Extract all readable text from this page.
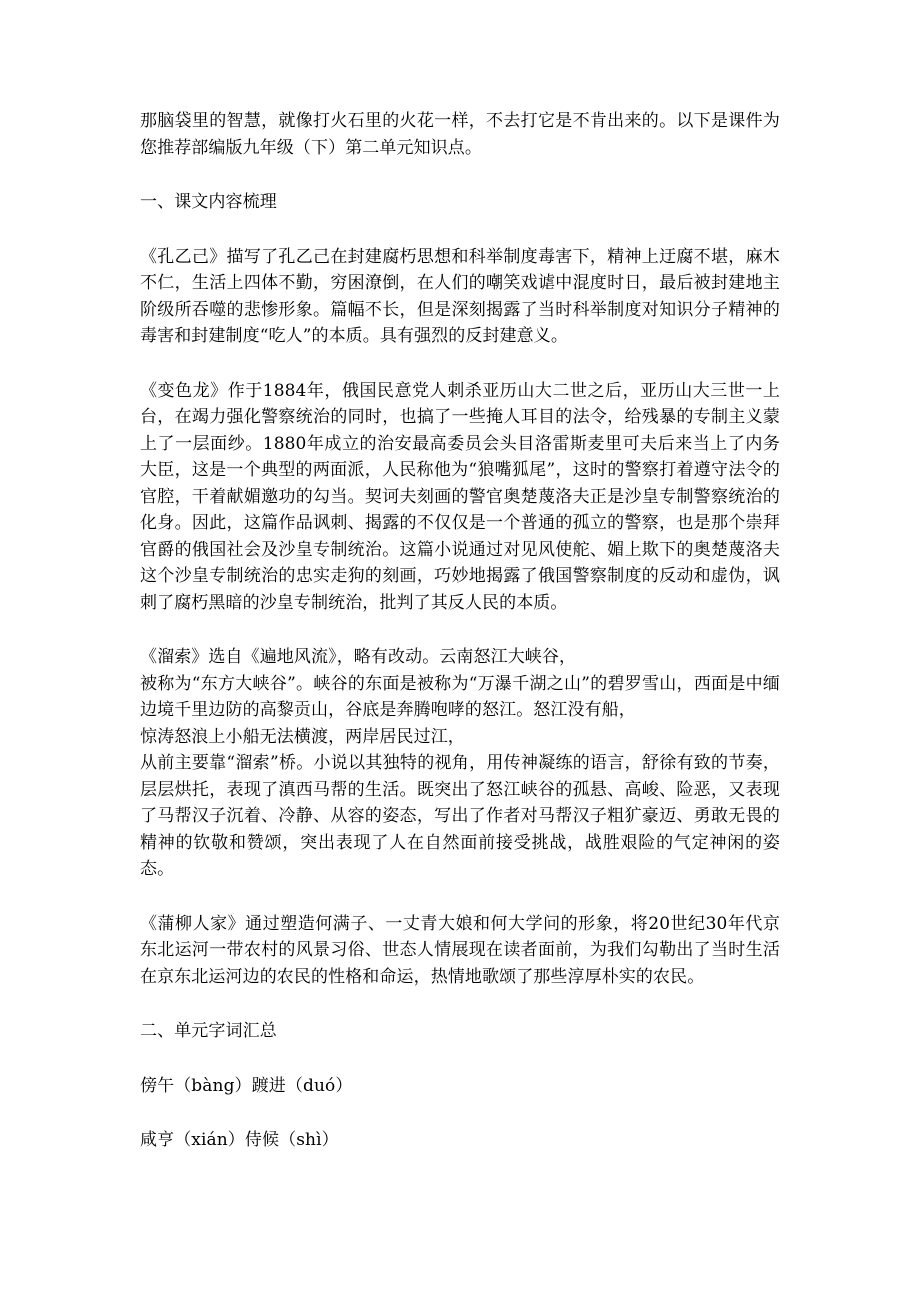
那脑袋里的智慧，就像打火石里的火花一样，不去打它是不肯出来的。以下是课件为您推荐部编版九年级（下）第二单元知识点。

一、课文内容梳理

《孔乙己》描写了孔乙己在封建腐朽思想和科举制度毒害下，精神上迂腐不堪，麻木不仁，生活上四体不勤，穷困潦倒，在人们的嘲笑戏谑中混度时日，最后被封建地主阶级所吞噬的悲惨形象。篇幅不长，但是深刻揭露了当时科举制度对知识分子精神的毒害和封建制度“吃人”的本质。具有强烈的反封建意义。

《变色龙》作于1884年，俄国民意党人刺杀亚历山大二世之后，亚历山大三世一上台，在竭力强化警察统治的同时，也搞了一些掩人耳目的法令，给残暴的专制主义蒙上了一层面纱。1880年成立的治安最高委员会头目洛雷斯麦里可夫后来当上了内务大臣，这是一个典型的两面派，人民称他为“狼嘴狐尾”，这时的警察打着遵守法令的官腔，干着献媚邀功的勾当。契诃夫刻画的警官奥楚蔑洛夫正是沙皇专制警察统治的化身。因此，这篇作品讽刺、揭露的不仅仅是一个普通的孤立的警察，也是那个崇拜官爵的俄国社会及沙皇专制统治。这篇小说通过对见风使舵、媚上欺下的奥楚蔑洛夫这个沙皇专制统治的忠实走狗的刻画，巧妙地揭露了俄国警察制度的反动和虚伪，讽刺了腐朽黑暗的沙皇专制统治，批判了其反人民的本质。

《溜索》选自《遍地风流》，略有改动。云南怒江大峡谷，

被称为“东方大峡谷”。峡谷的东面是被称为“万瀑千湖之山”的碧罗雪山，西面是中缅边境千里边防的高黎贡山，谷底是奔腾咆哮的怒江。怒江没有船，

惊涛怒浪上小船无法横渡，两岸居民过江，

从前主要靠“溜索”桥。小说以其独特的视角，用传神凝练的语言，舒徐有致的节奏，层层烘托，表现了滇西马帮的生活。既突出了怒江峡谷的孤悬、高峻、险恶，又表现了马帮汉子沉着、冷静、从容的姿态，写出了作者对马帮汉子粗犷豪迈、勇敢无畏的精神的钦敬和赞颂，突出表现了人在自然面前接受挑战，战胜艰险的气定神闲的姿态。

《蒲柳人家》通过塑造何满子、一丈青大娘和何大学问的形象，将20世纪30年代京东北运河一带农村的风景习俗、世态人情展现在读者面前，为我们勾勒出了当时生活在京东北运河边的农民的性格和命运，热情地歌颂了那些淳厚朴实的农民。

二、单元字词汇总

傍午（bàng）踱进（duó）

咸亨（xián）侍候（shì）
